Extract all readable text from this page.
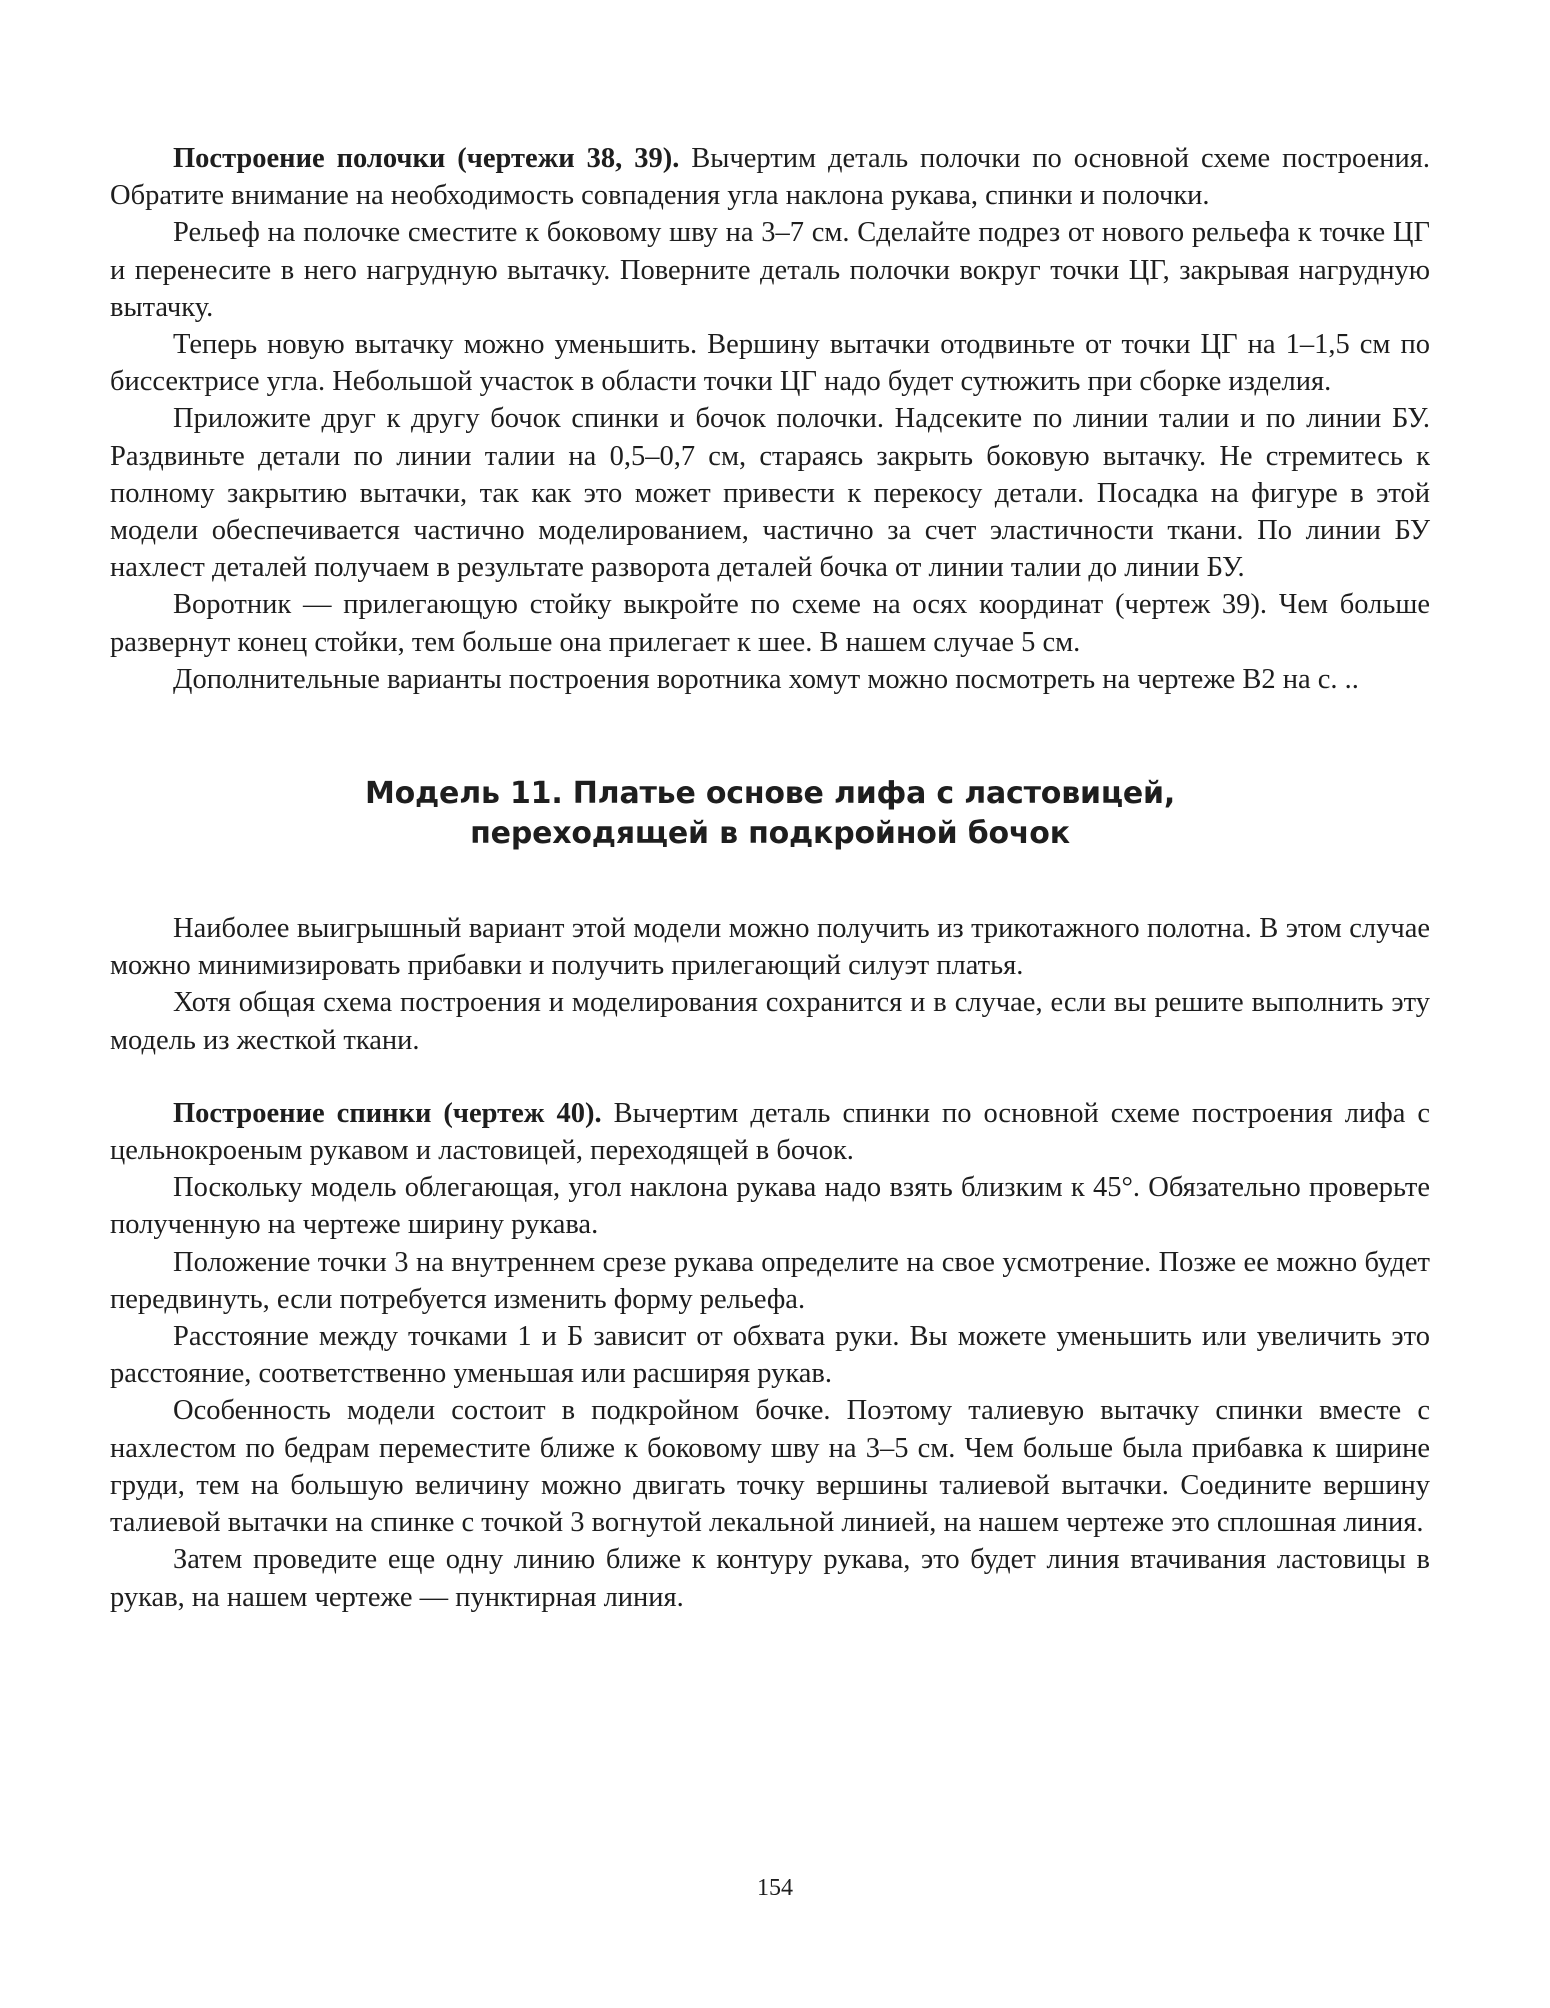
Построение полочки (чертежи 38, 39). Вычертим деталь полочки по основной схеме построения. Обратите внимание на необходимость совпадения угла наклона рукава, спинки и полочки.

Рельеф на полочке сместите к боковому шву на 3–7 см. Сделайте подрез от нового рельефа к точке ЦГ и перенесите в него нагрудную вытачку. Поверните деталь полочки вокруг точки ЦГ, закрывая нагрудную вытачку.

Теперь новую вытачку можно уменьшить. Вершину вытачки отодвиньте от точки ЦГ на 1–1,5 см по биссектрисе угла. Небольшой участок в области точки ЦГ надо будет сутюжить при сборке изделия.

Приложите друг к другу бочок спинки и бочок полочки. Надсеките по линии талии и по линии БУ. Раздвиньте детали по линии талии на 0,5–0,7 см, стараясь закрыть боковую вытачку. Не стремитесь к полному закрытию вытачки, так как это может привести к перекосу детали. Посадка на фигуре в этой модели обеспечивается частично моделированием, частично за счет эластичности ткани. По линии БУ нахлест деталей получаем в результате разворота деталей бочка от линии талии до линии БУ.

Воротник — прилегающую стойку выкройте по схеме на осях координат (чертеж 39). Чем больше развернут конец стойки, тем больше она прилегает к шее. В нашем случае 5 см.

Дополнительные варианты построения воротника хомут можно посмотреть на чертеже В2 на с. ..

Модель 11. Платье основе лифа с ластовицей,
переходящей в подкройной бочок

Наиболее выигрышный вариант этой модели можно получить из трикотажного полотна. В этом случае можно минимизировать прибавки и получить прилегающий силуэт платья.

Хотя общая схема построения и моделирования сохранится и в случае, если вы решите выполнить эту модель из жесткой ткани.

Построение спинки (чертеж 40). Вычертим деталь спинки по основной схеме построения лифа с цельнокроеным рукавом и ластовицей, переходящей в бочок.

Поскольку модель облегающая, угол наклона рукава надо взять близким к 45°. Обязательно проверьте полученную на чертеже ширину рукава.

Положение точки 3 на внутреннем срезе рукава определите на свое усмотрение. Позже ее можно будет передвинуть, если потребуется изменить форму рельефа.

Расстояние между точками 1 и Б зависит от обхвата руки. Вы можете уменьшить или увеличить это расстояние, соответственно уменьшая или расширяя рукав.

Особенность модели состоит в подкройном бочке. Поэтому талиевую вытачку спинки вместе с нахлестом по бедрам переместите ближе к боковому шву на 3–5 см. Чем больше была прибавка к ширине груди, тем на большую величину можно двигать точку вершины талиевой вытачки. Соедините вершину талиевой вытачки на спинке с точкой 3 вогнутой лекальной линией, на нашем чертеже это сплошная линия.

Затем проведите еще одну линию ближе к контуру рукава, это будет линия втачивания ластовицы в рукав, на нашем чертеже — пунктирная линия.

154
